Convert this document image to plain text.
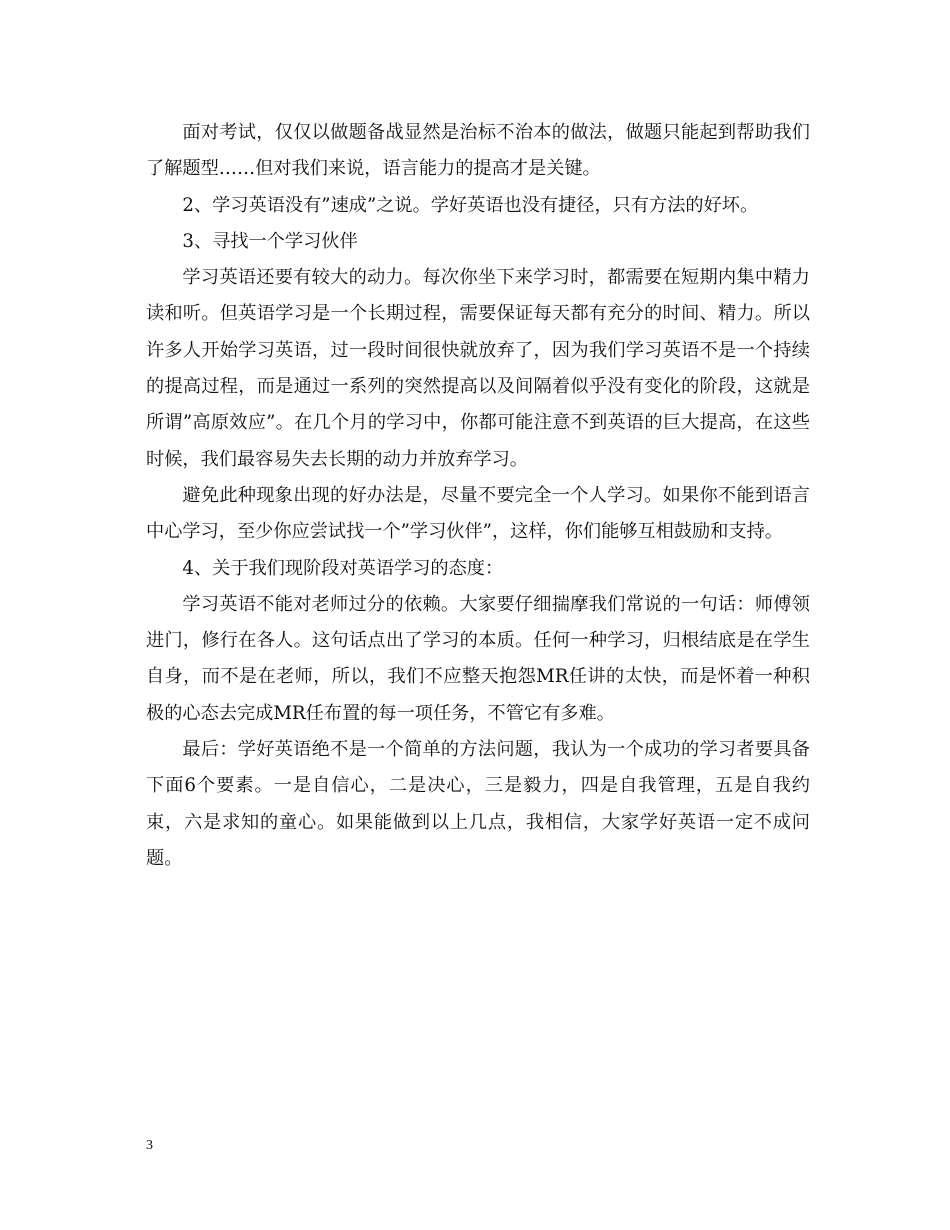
面对考试，仅仅以做题备战显然是治标不治本的做法，做题只能起到帮助我们了解题型……但对我们来说，语言能力的提高才是关键。

2、学习英语没有”速成”之说。学好英语也没有捷径，只有方法的好坏。

3、寻找一个学习伙伴

学习英语还要有较大的动力。每次你坐下来学习时，都需要在短期内集中精力读和听。但英语学习是一个长期过程，需要保证每天都有充分的时间、精力。所以许多人开始学习英语，过一段时间很快就放弃了，因为我们学习英语不是一个持续的提高过程，而是通过一系列的突然提高以及间隔着似乎没有变化的阶段，这就是所谓”高原效应”。在几个月的学习中，你都可能注意不到英语的巨大提高，在这些时候，我们最容易失去长期的动力并放弃学习。

避免此种现象出现的好办法是，尽量不要完全一个人学习。如果你不能到语言中心学习，至少你应尝试找一个”学习伙伴”，这样，你们能够互相鼓励和支持。

4、关于我们现阶段对英语学习的态度：

学习英语不能对老师过分的依赖。大家要仔细揣摩我们常说的一句话：师傅领进门，修行在各人。这句话点出了学习的本质。任何一种学习，归根结底是在学生自身，而不是在老师，所以，我们不应整天抱怨MR任讲的太快，而是怀着一种积极的心态去完成MR任布置的每一项任务，不管它有多难。

最后：学好英语绝不是一个简单的方法问题，我认为一个成功的学习者要具备下面6个要素。一是自信心，二是决心，三是毅力，四是自我管理，五是自我约束，六是求知的童心。如果能做到以上几点，我相信，大家学好英语一定不成问题。

3
